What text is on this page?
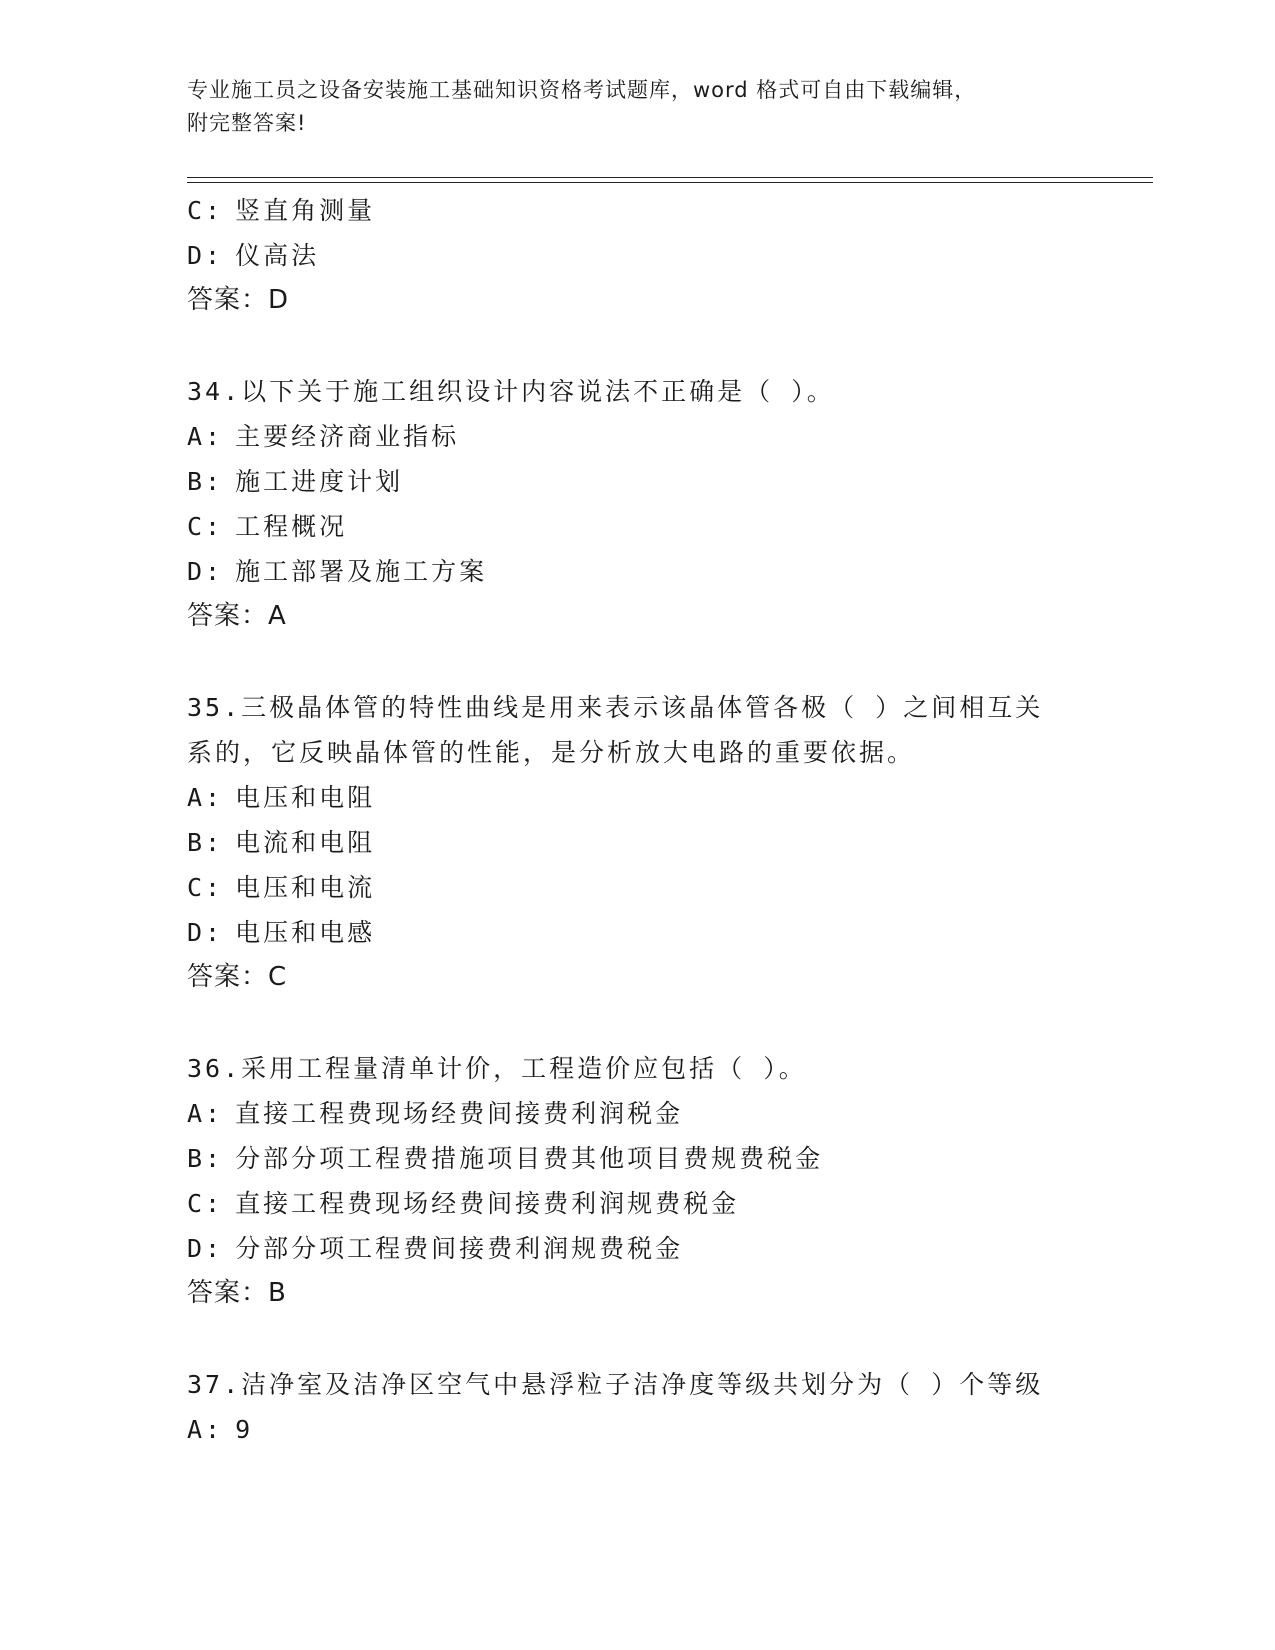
专业施工员之设备安装施工基础知识资格考试题库，word 格式可自由下载编辑，
附完整答案!
C: 竖直角测量
D: 仪高法
答案：D
34.以下关于施工组织设计内容说法不正确是（ ）。
A: 主要经济商业指标
B: 施工进度计划
C: 工程概况
D: 施工部署及施工方案
答案：A
35.三极晶体管的特性曲线是用来表示该晶体管各极（ ）之间相互关
系的，它反映晶体管的性能，是分析放大电路的重要依据。
A: 电压和电阻
B: 电流和电阻
C: 电压和电流
D: 电压和电感
答案：C
36.采用工程量清单计价，工程造价应包括（ ）。
A: 直接工程费现场经费间接费利润税金
B: 分部分项工程费措施项目费其他项目费规费税金
C: 直接工程费现场经费间接费利润规费税金
D: 分部分项工程费间接费利润规费税金
答案：B
37.洁净室及洁净区空气中悬浮粒子洁净度等级共划分为（ ）个等级
A: 9
